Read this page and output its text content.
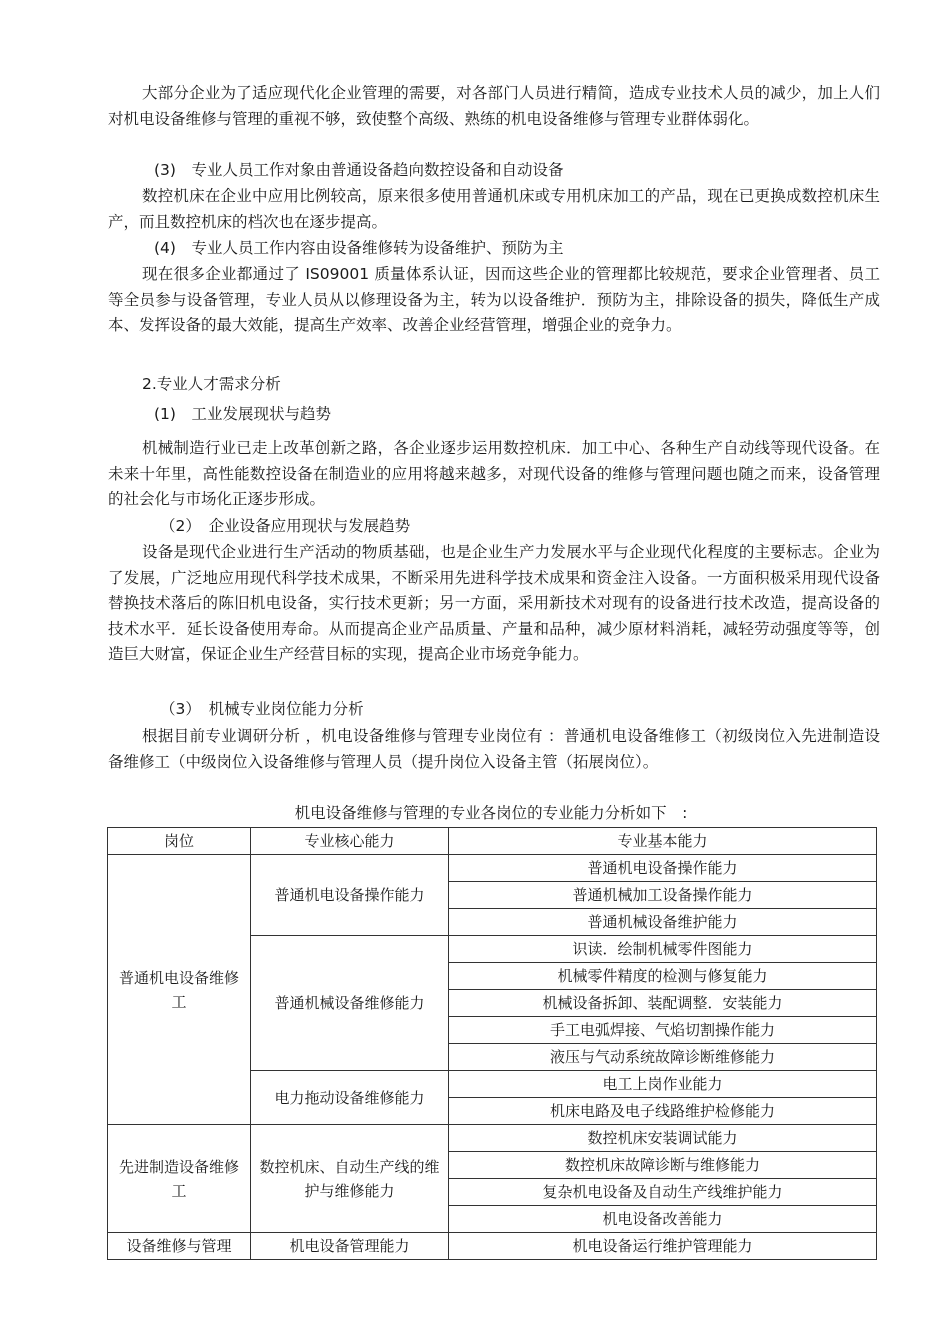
大部分企业为了适应现代化企业管理的需要，对各部门人员进行精简，造成专业技术人员的减少，加上人们对机电设备维修与管理的重视不够，致使整个高级、熟练的机电设备维修与管理专业群体弱化。

(3)　专业人员工作对象由普通设备趋向数控设备和自动设备

数控机床在企业中应用比例较高，原来很多使用普通机床或专用机床加工的产品，现在已更换成数控机床生产，而且数控机床的档次也在逐步提高。

(4)　专业人员工作内容由设备维修转为设备维护、预防为主

现在很多企业都通过了 IS09001 质量体系认证，因而这些企业的管理都比较规范，要求企业管理者、员工等全员参与设备管理，专业人员从以修理设备为主，转为以设备维护．预防为主，排除设备的损失，降低生产成本、发挥设备的最大效能，提高生产效率、改善企业经营管理，增强企业的竞争力。

2.专业人才需求分析

(1)　工业发展现状与趋势

机械制造行业已走上改革创新之路，各企业逐步运用数控机床．加工中心、各种生产自动线等现代设备。在未来十年里，高性能数控设备在制造业的应用将越来越多，对现代设备的维修与管理问题也随之而来，设备管理的社会化与市场化正逐步形成。

（2）　企业设备应用现状与发展趋势

设备是现代企业进行生产活动的物质基础，也是企业生产力发展水平与企业现代化程度的主要标志。企业为了发展，广泛地应用现代科学技术成果，不断采用先进科学技术成果和资金注入设备。一方面积极采用现代设备替换技术落后的陈旧机电设备，实行技术更新；另一方面，采用新技术对现有的设备进行技术改造，提高设备的技术水平．延长设备使用寿命。从而提高企业产品质量、产量和品种，减少原材料消耗，减轻劳动强度等等，创造巨大财富，保证企业生产经营目标的实现，提高企业市场竞争能力。

（3）　机械专业岗位能力分析

根据目前专业调研分析 ，机电设备维修与管理专业岗位有 ：普通机电设备维修工（初级岗位入先进制造设备维修工（中级岗位入设备维修与管理人员（提升岗位入设备主管（拓展岗位）。

机电设备维修与管理的专业各岗位的专业能力分析如下　:

岗位	专业核心能力	专业基本能力
普通机电设备维修工	普通机电设备操作能力	普通机电设备操作能力
		普通机械加工设备操作能力
		普通机械设备维护能力
	普通机械设备维修能力	识读．绘制机械零件图能力
		机械零件精度的检测与修复能力
		机械设备拆卸、装配调整．安装能力
		手工电弧焊接、气焰切割操作能力
		液压与气动系统故障诊断维修能力
	电力拖动设备维修能力	电工上岗作业能力
		机床电路及电子线路维护检修能力
先进制造设备维修工	数控机床、自动生产线的维护与维修能力	数控机床安装调试能力
		数控机床故障诊断与维修能力
		复杂机电设备及自动生产线维护能力
		机电设备改善能力
设备维修与管理	机电设备管理能力	机电设备运行维护管理能力
